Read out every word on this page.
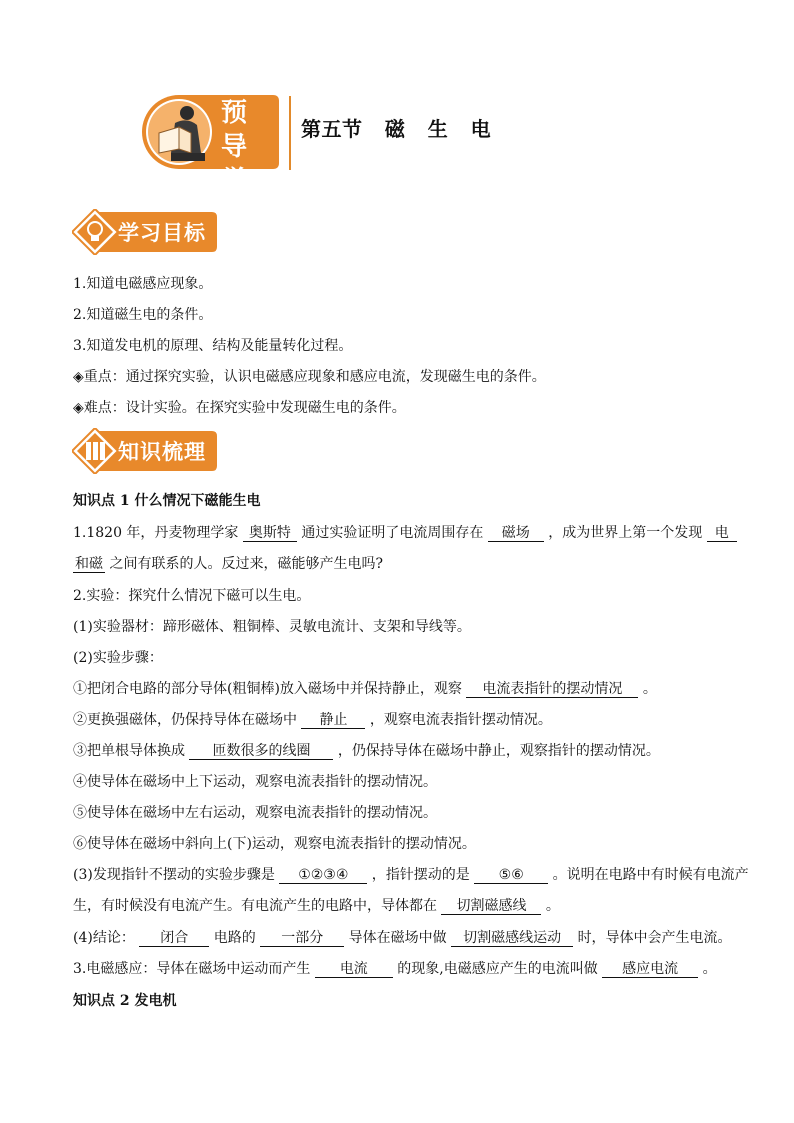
预导
学航
第五节   磁   生   电
学习目标
1.知道电磁感应现象。
2.知道磁生电的条件。
3.知道发电机的原理、结构及能量转化过程。
◈重点：通过探究实验，认识电磁感应现象和感应电流，发现磁生电的条件。
◈难点：设计实验。在探究实验中发现磁生电的条件。
知识梳理
知识点 1 什么情况下磁能生电
1.1820 年，丹麦物理学家 奥斯特 通过实验证明了电流周围存在 磁场 ，成为世界上第一个发现 电
和磁 之间有联系的人。反过来，磁能够产生电吗?
2.实验：探究什么情况下磁可以生电。
(1)实验器材：蹄形磁体、粗铜棒、灵敏电流计、支架和导线等。
(2)实验步骤：
①把闭合电路的部分导体(粗铜棒)放入磁场中并保持静止，观察 电流表指针的摆动情况 。
②更换强磁体，仍保持导体在磁场中 静止 ，观察电流表指针摆动情况。
③把单根导体换成 匝数很多的线圈 ，仍保持导体在磁场中静止，观察指针的摆动情况。
④使导体在磁场中上下运动，观察电流表指针的摆动情况。
⑤使导体在磁场中左右运动，观察电流表指针的摆动情况。
⑥使导体在磁场中斜向上(下)运动，观察电流表指针的摆动情况。
(3)发现指针不摆动的实验步骤是 ①②③④ ，指针摆动的是 ⑤⑥ 。说明在电路中有时候有电流产
生，有时候没有电流产生。有电流产生的电路中，导体都在 切割磁感线 。
(4)结论： 闭合 电路的 一部分 导体在磁场中做 切割磁感线运动 时，导体中会产生电流。
3.电磁感应：导体在磁场中运动而产生 电流 的现象,电磁感应产生的电流叫做 感应电流 。
知识点 2 发电机
